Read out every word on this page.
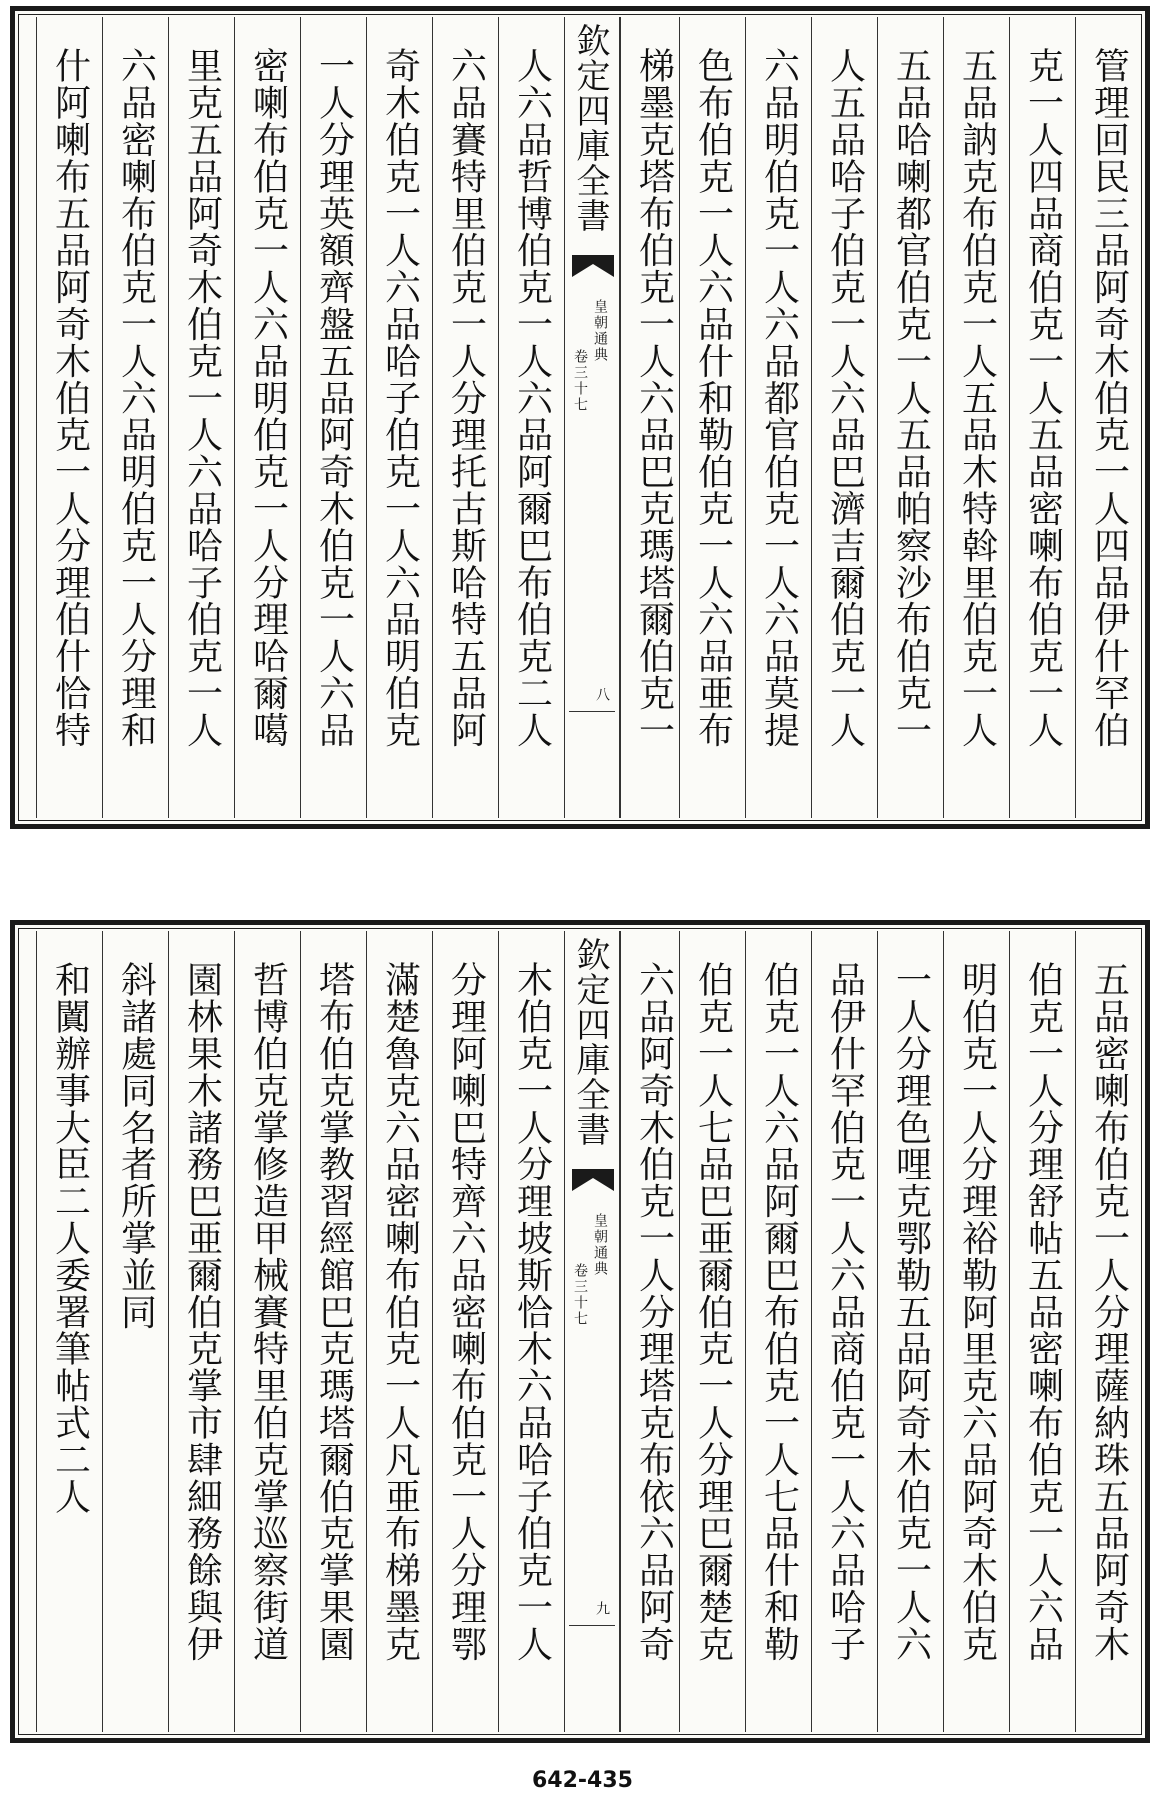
管理回民三品阿奇木伯克一人四品伊什罕伯
克一人四品商伯克一人五品密喇布伯克一人
五品訥克布伯克一人五品木特斡里伯克一人
五品哈喇都官伯克一人五品帕察沙布伯克一
人五品哈子伯克一人六品巴濟吉爾伯克一人
六品明伯克一人六品都官伯克一人六品莫提
色布伯克一人六品什和勒伯克一人六品亜布
梯墨克塔布伯克一人六品巴克瑪塔爾伯克一
欽定四庫全書
皇朝通典
卷三十七
八
人六品哲博伯克一人六品阿爾巴布伯克二人
六品賽特里伯克一人分理托古斯哈特五品阿
奇木伯克一人六品哈子伯克一人六品明伯克
一人分理英額齊盤五品阿奇木伯克一人六品
密喇布伯克一人六品明伯克一人分理哈爾噶
里克五品阿奇木伯克一人六品哈子伯克一人
六品密喇布伯克一人六品明伯克一人分理和
什阿喇布五品阿奇木伯克一人分理伯什恰特
五品密喇布伯克一人分理薩納珠五品阿奇木
伯克一人分理舒帖五品密喇布伯克一人六品
明伯克一人分理裕勒阿里克六品阿奇木伯克
一人分理色哩克鄂勒五品阿奇木伯克一人六
品伊什罕伯克一人六品商伯克一人六品哈子
伯克一人六品阿爾巴布伯克一人七品什和勒
伯克一人七品巴亜爾伯克一人分理巴爾楚克
六品阿奇木伯克一人分理塔克布依六品阿奇
欽定四庫全書
皇朝通典
卷三十七
九
木伯克一人分理坡斯恰木六品哈子伯克一人
分理阿喇巴特齊六品密喇布伯克一人分理鄂
滿楚魯克六品密喇布伯克一人凡亜布梯墨克
塔布伯克掌教習經館巴克瑪塔爾伯克掌果園
哲博伯克掌修造甲械賽特里伯克掌巡察街道
園林果木諸務巴亜爾伯克掌市肆細務餘與伊
斜諸處同名者所掌並同
和闐辦事大臣二人委署筆帖式二人
642-435
